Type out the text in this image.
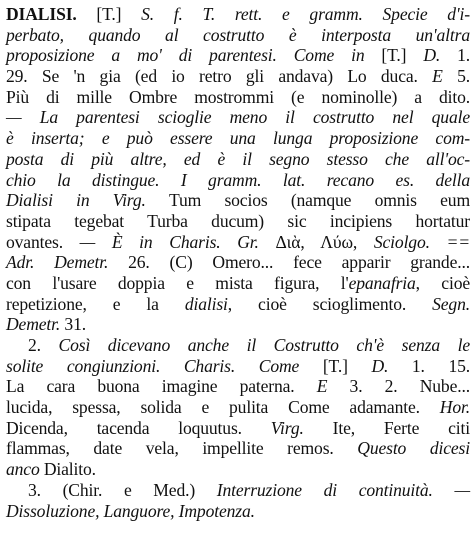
DIALISI. [T.] S. f. T. rett. e gramm. Specie d'i-
perbato, quando al costrutto è interposta un'altra
proposizione a mo' di parentesi. Come in [T.] D. 1.
29. Se 'n gia (ed io retro gli andava) Lo duca. E 5.
Più di mille Ombre mostrommi (e nominolle) a dito.
— La parentesi scioglie meno il costrutto nel quale
è inserta; e può essere una lunga proposizione com-
posta di più altre, ed è il segno stesso che all'oc-
chio la distingue. I gramm. lat. recano es. della
Dialisi in Virg. Tum socios (namque omnis eum
stipata tegebat Turba ducum) sic incipiens hortatur
ovantes. — È in Charis. Gr. Διὰ, Λύω, Sciolgo. ==
Adr. Demetr. 26. (C) Omero... fece apparir grande...
con l'usare doppia e mista figura, l'epanafria, cioè
repetizione, e la dialisi, cioè scioglimento. Segn.
Demetr. 31.
2. Così dicevano anche il Costrutto ch'è senza le
solite congiunzioni. Charis. Come [T.] D. 1. 15.
La cara buona imagine paterna. E 3. 2. Nube...
lucida, spessa, solida e pulita Come adamante. Hor.
Dicenda, tacenda loquutus. Virg. Ite, Ferte citi
flammas, date vela, impellite remos. Questo dicesi
anco Dialito.
3. (Chir. e Med.) Interruzione di continuità. —
Dissoluzione, Languore, Impotenza.
